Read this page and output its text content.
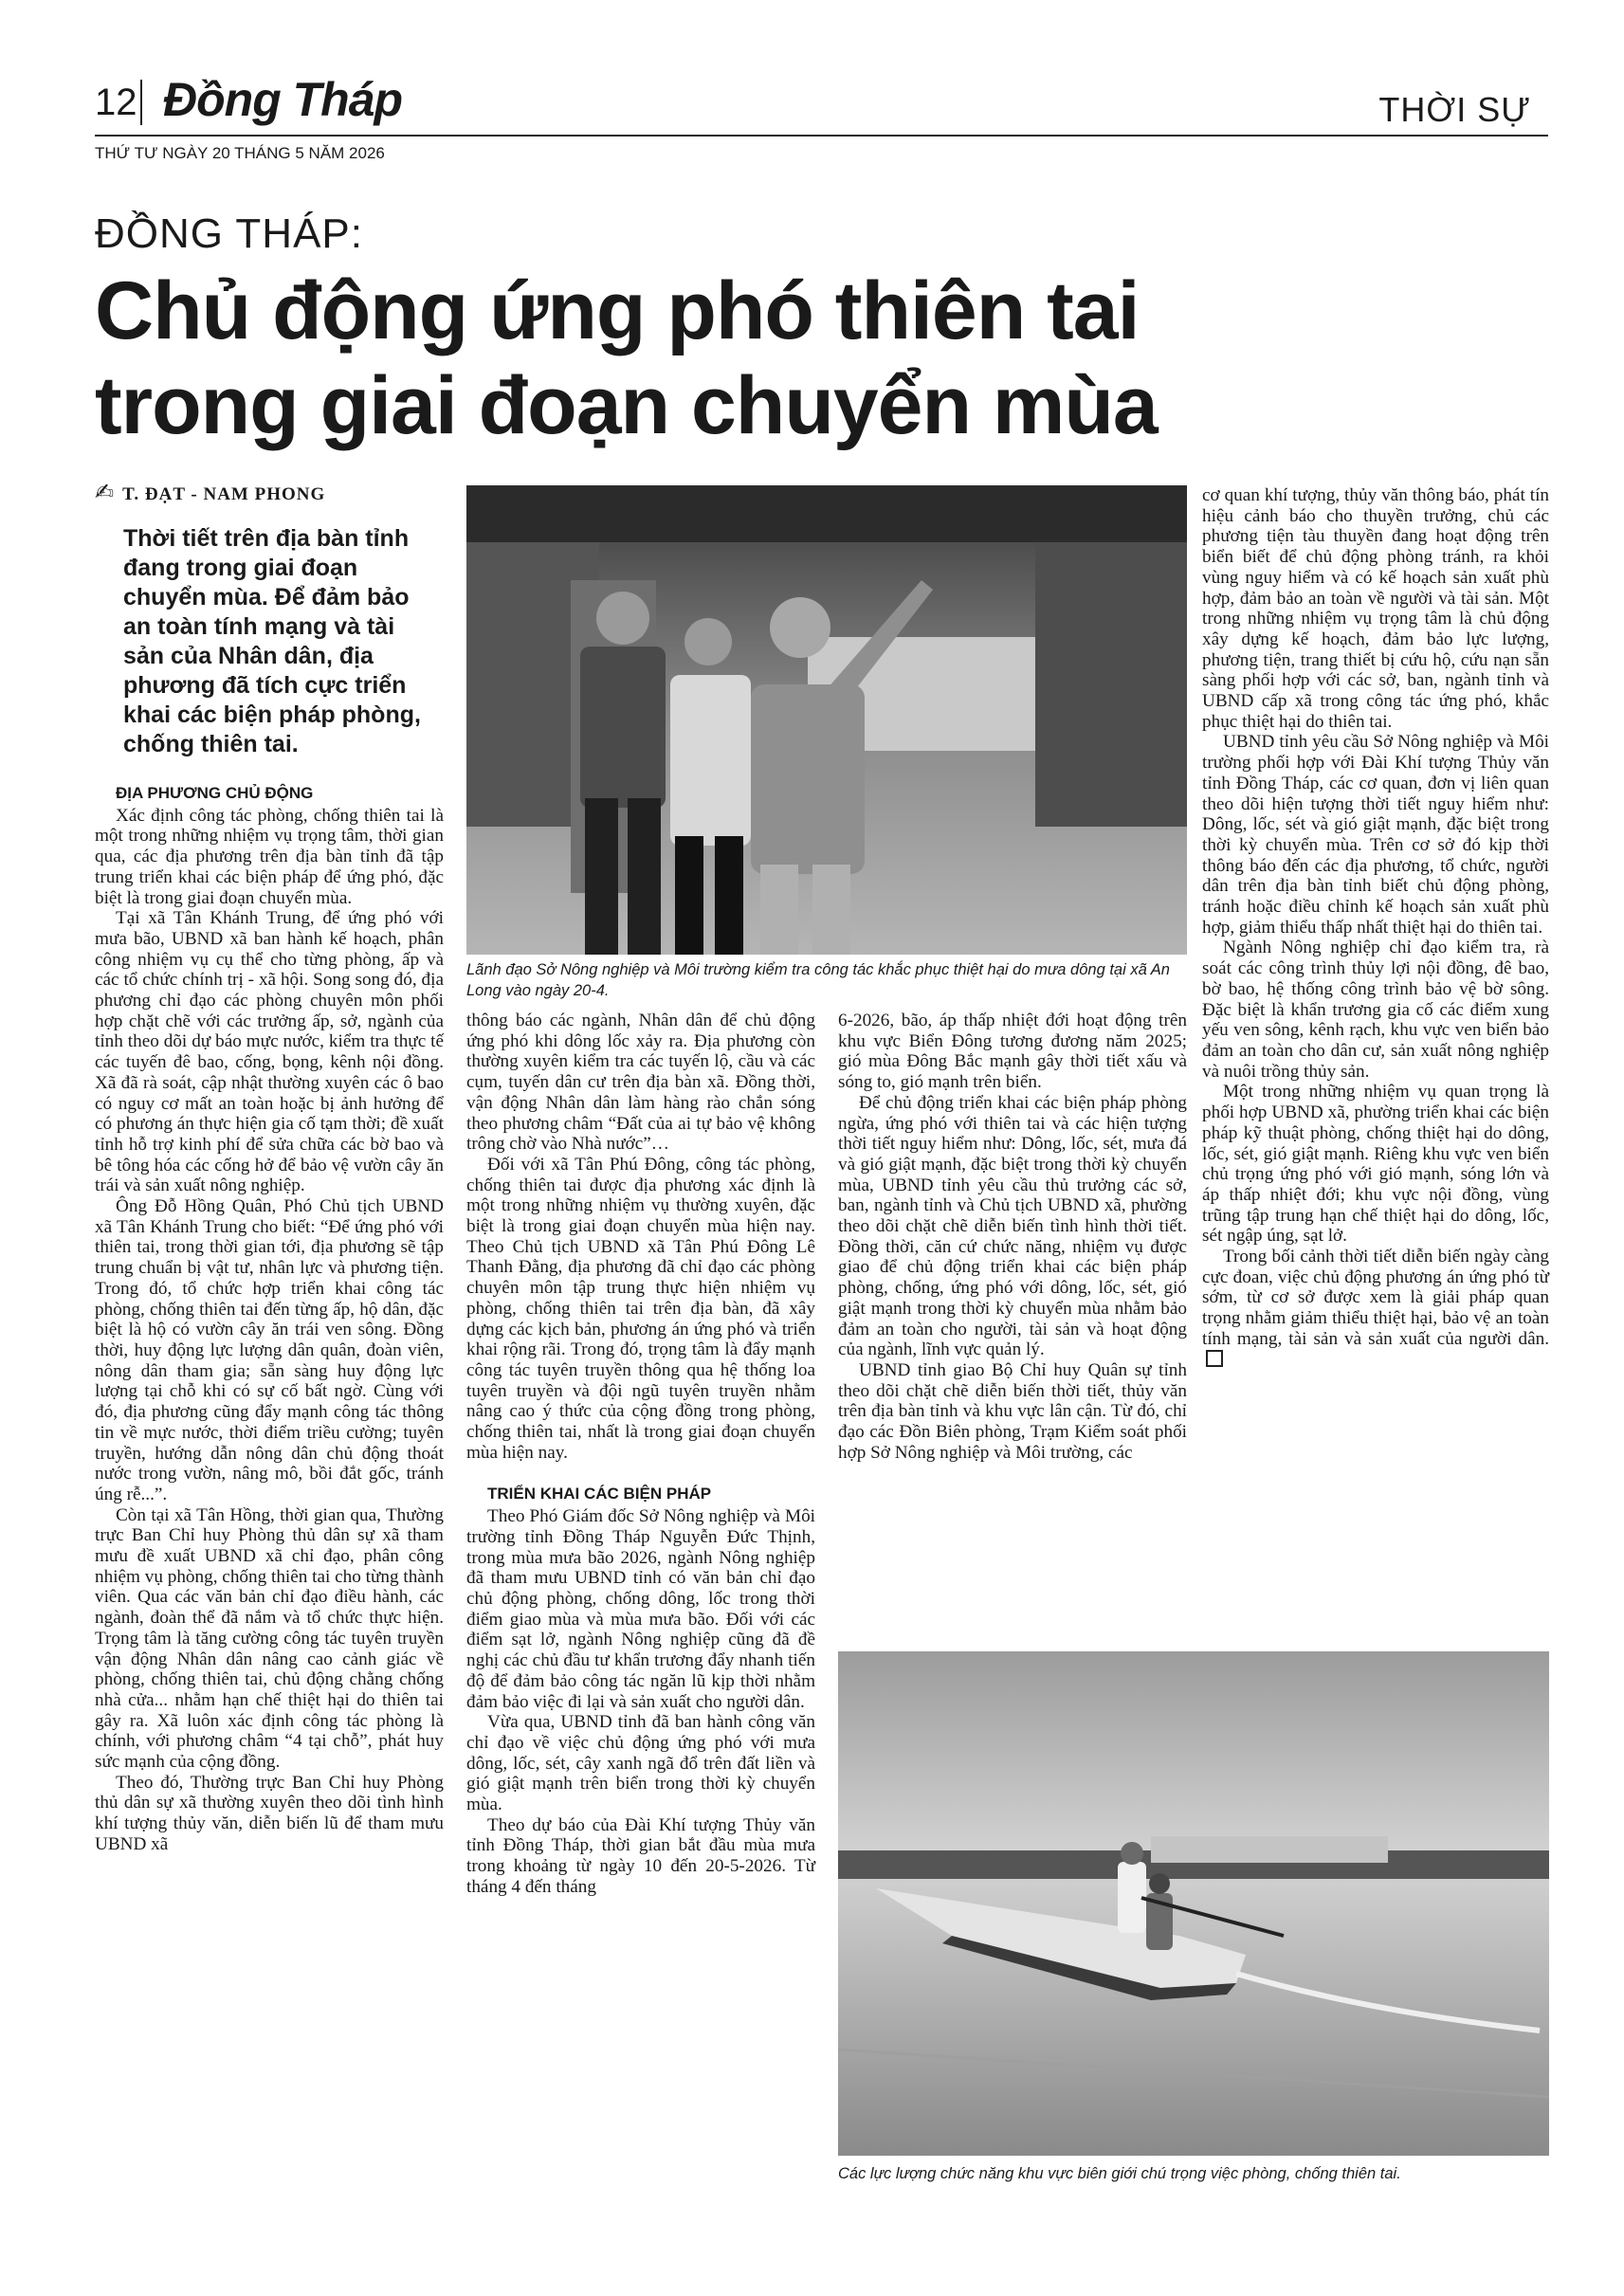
12 Đồng Tháp	THỜI SỰ
THỨ TƯ NGÀY 20 THÁNG 5 NĂM 2026
ĐỒNG THÁP:
Chủ động ứng phó thiên tai
trong giai đoạn chuyển mùa
✍ T. ĐẠT - NAM PHONG
Thời tiết trên địa bàn tỉnh đang trong giai đoạn chuyển mùa. Để đảm bảo an toàn tính mạng và tài sản của Nhân dân, địa phương đã tích cực triển khai các biện pháp phòng, chống thiên tai.
ĐỊA PHƯƠNG CHỦ ĐỘNG

Xác định công tác phòng, chống thiên tai là một trong những nhiệm vụ trọng tâm, thời gian qua, các địa phương trên địa bàn tỉnh đã tập trung triển khai các biện pháp để ứng phó, đặc biệt là trong giai đoạn chuyển mùa.

Tại xã Tân Khánh Trung, để ứng phó với mưa bão, UBND xã ban hành kế hoạch, phân công nhiệm vụ cụ thể cho từng phòng, ấp và các tổ chức chính trị - xã hội. Song song đó, địa phương chỉ đạo các phòng chuyên môn phối hợp chặt chẽ với các trưởng ấp, sở, ngành của tỉnh theo dõi dự báo mực nước, kiểm tra thực tế các tuyến đê bao, cống, bọng, kênh nội đồng. Xã đã rà soát, cập nhật thường xuyên các ô bao có nguy cơ mất an toàn hoặc bị ảnh hưởng để có phương án thực hiện gia cố tạm thời; đề xuất tỉnh hỗ trợ kinh phí để sửa chữa các bờ bao và bê tông hóa các cống hở để bảo vệ vườn cây ăn trái và sản xuất nông nghiệp.

Ông Đỗ Hồng Quân, Phó Chủ tịch UBND xã Tân Khánh Trung cho biết: “Để ứng phó với thiên tai, trong thời gian tới, địa phương sẽ tập trung chuẩn bị vật tư, nhân lực và phương tiện. Trong đó, tổ chức hợp triển khai công tác phòng, chống thiên tai đến từng ấp, hộ dân, đặc biệt là hộ có vườn cây ăn trái ven sông. Đồng thời, huy động lực lượng dân quân, đoàn viên, nông dân tham gia; sẵn sàng huy động lực lượng tại chỗ khi có sự cố bất ngờ. Cùng với đó, địa phương cũng đẩy mạnh công tác thông tin về mực nước, thời điểm triều cường; tuyên truyền, hướng dẫn nông dân chủ động thoát nước trong vườn, nâng mô, bồi đắt gốc, tránh úng rễ...”.

Còn tại xã Tân Hồng, thời gian qua, Thường trực Ban Chỉ huy Phòng thủ dân sự xã tham mưu đề xuất UBND xã chỉ đạo, phân công nhiệm vụ phòng, chống thiên tai cho từng thành viên. Qua các văn bản chỉ đạo điều hành, các ngành, đoàn thể đã nắm và tổ chức thực hiện. Trọng tâm là tăng cường công tác tuyên truyền vận động Nhân dân nâng cao cảnh giác về phòng, chống thiên tai, chủ động chằng chống nhà cửa... nhằm hạn chế thiệt hại do thiên tai gây ra. Xã luôn xác định công tác phòng là chính, với phương châm “4 tại chỗ”, phát huy sức mạnh của cộng đồng.

Theo đó, Thường trực Ban Chỉ huy Phòng thủ dân sự xã thường xuyên theo dõi tình hình khí tượng thủy văn, diễn biến lũ để tham mưu UBND xã

Lãnh đạo Sở Nông nghiệp và Môi trường kiểm tra công tác khắc phục thiệt hại do mưa dông tại xã An Long vào ngày 20-4.

thông báo các ngành, Nhân dân để chủ động ứng phó khi dông lốc xảy ra. Địa phương còn thường xuyên kiểm tra các tuyến lộ, cầu và các cụm, tuyến dân cư trên địa bàn xã. Đồng thời, vận động Nhân dân làm hàng rào chắn sóng theo phương châm “Đất của ai tự bảo vệ không trông chờ vào Nhà nước”…

Đối với xã Tân Phú Đông, công tác phòng, chống thiên tai được địa phương xác định là một trong những nhiệm vụ thường xuyên, đặc biệt là trong giai đoạn chuyển mùa hiện nay. Theo Chủ tịch UBND xã Tân Phú Đông Lê Thanh Đằng, địa phương đã chỉ đạo các phòng chuyên môn tập trung thực hiện nhiệm vụ phòng, chống thiên tai trên địa bàn, đã xây dựng các kịch bản, phương án ứng phó và triển khai rộng rãi. Trong đó, trọng tâm là đẩy mạnh công tác tuyên truyền thông qua hệ thống loa tuyên truyền và đội ngũ tuyên truyền nhằm nâng cao ý thức của cộng đồng trong phòng, chống thiên tai, nhất là trong giai đoạn chuyển mùa hiện nay.

TRIỂN KHAI CÁC BIỆN PHÁP

Theo Phó Giám đốc Sở Nông nghiệp và Môi trường tỉnh Đồng Tháp Nguyễn Đức Thịnh, trong mùa mưa bão 2026, ngành Nông nghiệp đã tham mưu UBND tỉnh có văn bản chỉ đạo chủ động phòng, chống dông, lốc trong thời điểm giao mùa và mùa mưa bão. Đối với các điểm sạt lở, ngành Nông nghiệp cũng đã đề nghị các chủ đầu tư khẩn trương đẩy nhanh tiến độ để đảm bảo công tác ngăn lũ kịp thời nhằm đảm bảo việc đi lại và sản xuất cho người dân.

Vừa qua, UBND tỉnh đã ban hành công văn chỉ đạo về việc chủ động ứng phó với mưa dông, lốc, sét, cây xanh ngã đổ trên đất liền và gió giật mạnh trên biển trong thời kỳ chuyển mùa.

Theo dự báo của Đài Khí tượng Thủy văn tỉnh Đồng Tháp, thời gian bắt đầu mùa mưa trong khoảng từ ngày 10 đến 20-5-2026. Từ tháng 4 đến tháng

6-2026, bão, áp thấp nhiệt đới hoạt động trên khu vực Biển Đông tương đương năm 2025; gió mùa Đông Bắc mạnh gây thời tiết xấu và sóng to, gió mạnh trên biển.

Để chủ động triển khai các biện pháp phòng ngừa, ứng phó với thiên tai và các hiện tượng thời tiết nguy hiểm như: Dông, lốc, sét, mưa đá và gió giật mạnh, đặc biệt trong thời kỳ chuyển mùa, UBND tỉnh yêu cầu thủ trưởng các sở, ban, ngành tỉnh và Chủ tịch UBND xã, phường theo dõi chặt chẽ diễn biến tình hình thời tiết. Đồng thời, căn cứ chức năng, nhiệm vụ được giao để chủ động triển khai các biện pháp phòng, chống, ứng phó với dông, lốc, sét, gió giật mạnh trong thời kỳ chuyển mùa nhằm bảo đảm an toàn cho người, tài sản và hoạt động của ngành, lĩnh vực quản lý.

UBND tỉnh giao Bộ Chỉ huy Quân sự tỉnh theo dõi chặt chẽ diễn biến thời tiết, thủy văn trên địa bàn tỉnh và khu vực lân cận. Từ đó, chỉ đạo các Đồn Biên phòng, Trạm Kiểm soát phối hợp Sở Nông nghiệp và Môi trường, các

cơ quan khí tượng, thủy văn thông báo, phát tín hiệu cảnh báo cho thuyền trưởng, chủ các phương tiện tàu thuyền đang hoạt động trên biển biết để chủ động phòng tránh, ra khỏi vùng nguy hiểm và có kế hoạch sản xuất phù hợp, đảm bảo an toàn về người và tài sản. Một trong những nhiệm vụ trọng tâm là chủ động xây dựng kế hoạch, đảm bảo lực lượng, phương tiện, trang thiết bị cứu hộ, cứu nạn sẵn sàng phối hợp với các sở, ban, ngành tỉnh và UBND cấp xã trong công tác ứng phó, khắc phục thiệt hại do thiên tai.

UBND tỉnh yêu cầu Sở Nông nghiệp và Môi trường phối hợp với Đài Khí tượng Thủy văn tỉnh Đồng Tháp, các cơ quan, đơn vị liên quan theo dõi hiện tượng thời tiết nguy hiểm như: Dông, lốc, sét và gió giật mạnh, đặc biệt trong thời kỳ chuyển mùa. Trên cơ sở đó kịp thời thông báo đến các địa phương, tổ chức, người dân trên địa bàn tỉnh biết chủ động phòng, tránh hoặc điều chỉnh kế hoạch sản xuất phù hợp, giảm thiểu thấp nhất thiệt hại do thiên tai.

Ngành Nông nghiệp chỉ đạo kiểm tra, rà soát các công trình thủy lợi nội đồng, đê bao, bờ bao, hệ thống công trình bảo vệ bờ sông. Đặc biệt là khẩn trương gia cố các điểm xung yếu ven sông, kênh rạch, khu vực ven biển bảo đảm an toàn cho dân cư, sản xuất nông nghiệp và nuôi trồng thủy sản.

Một trong những nhiệm vụ quan trọng là phối hợp UBND xã, phường triển khai các biện pháp kỹ thuật phòng, chống thiệt hại do dông, lốc, sét, gió giật mạnh. Riêng khu vực ven biển chủ trọng ứng phó với gió mạnh, sóng lớn và áp thấp nhiệt đới; khu vực nội đồng, vùng trũng tập trung hạn chế thiệt hại do dông, lốc, sét ngập úng, sạt lở.

Trong bối cảnh thời tiết diễn biến ngày càng cực đoan, việc chủ động phương án ứng phó từ sớm, từ cơ sở được xem là giải pháp quan trọng nhằm giảm thiểu thiệt hại, bảo vệ an toàn tính mạng, tài sản và sản xuất của người dân.

Các lực lượng chức năng khu vực biên giới chú trọng việc phòng, chống thiên tai.
